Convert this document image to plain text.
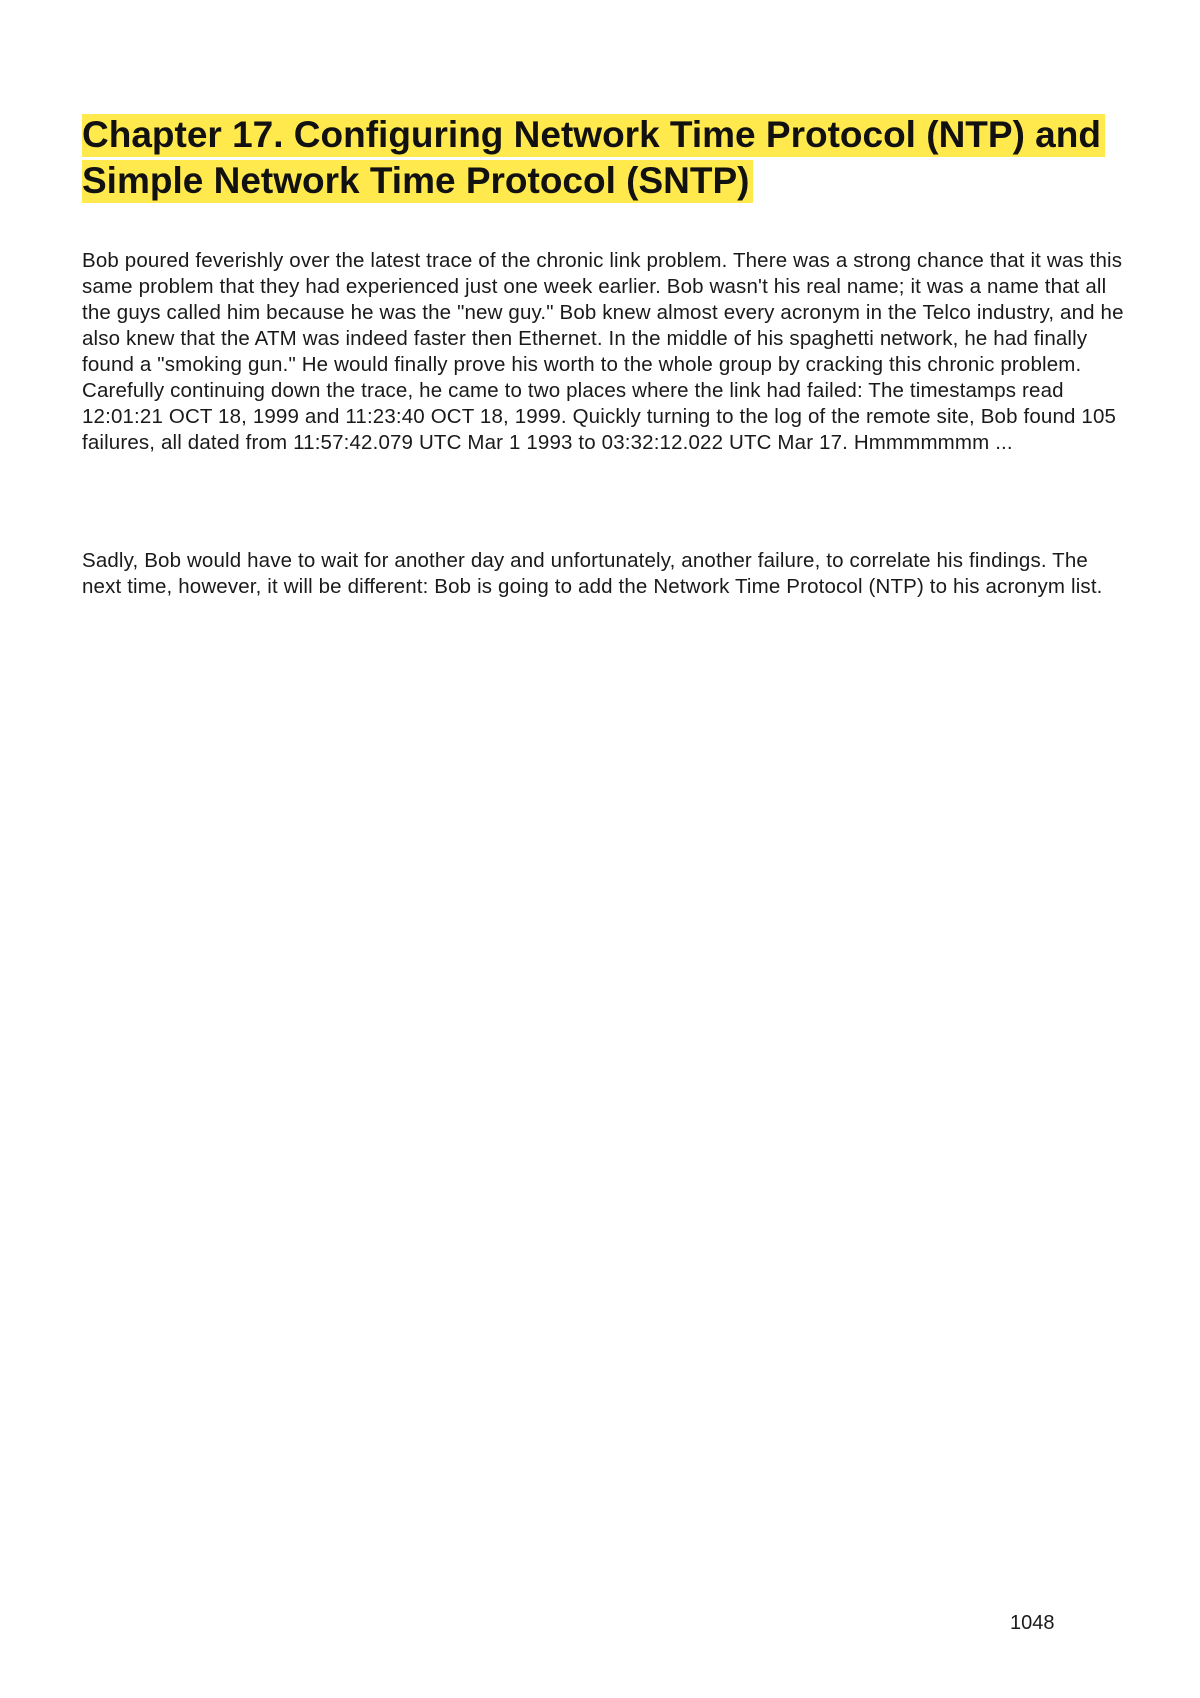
Chapter 17. Configuring Network Time Protocol (NTP) and Simple Network Time Protocol (SNTP)

Bob poured feverishly over the latest trace of the chronic link problem. There was a strong chance that it was this same problem that they had experienced just one week earlier. Bob wasn't his real name; it was a name that all the guys called him because he was the "new guy." Bob knew almost every acronym in the Telco industry, and he also knew that the ATM was indeed faster then Ethernet. In the middle of his spaghetti network, he had finally found a "smoking gun." He would finally prove his worth to the whole group by cracking this chronic problem. Carefully continuing down the trace, he came to two places where the link had failed: The timestamps read 12:01:21 OCT 18, 1999 and 11:23:40 OCT 18, 1999. Quickly turning to the log of the remote site, Bob found 105 failures, all dated from 11:57:42.079 UTC Mar 1 1993 to 03:32:12.022 UTC Mar 17. Hmmmmmmm ...

Sadly, Bob would have to wait for another day and unfortunately, another failure, to correlate his findings. The next time, however, it will be different: Bob is going to add the Network Time Protocol (NTP) to his acronym list.

1048
